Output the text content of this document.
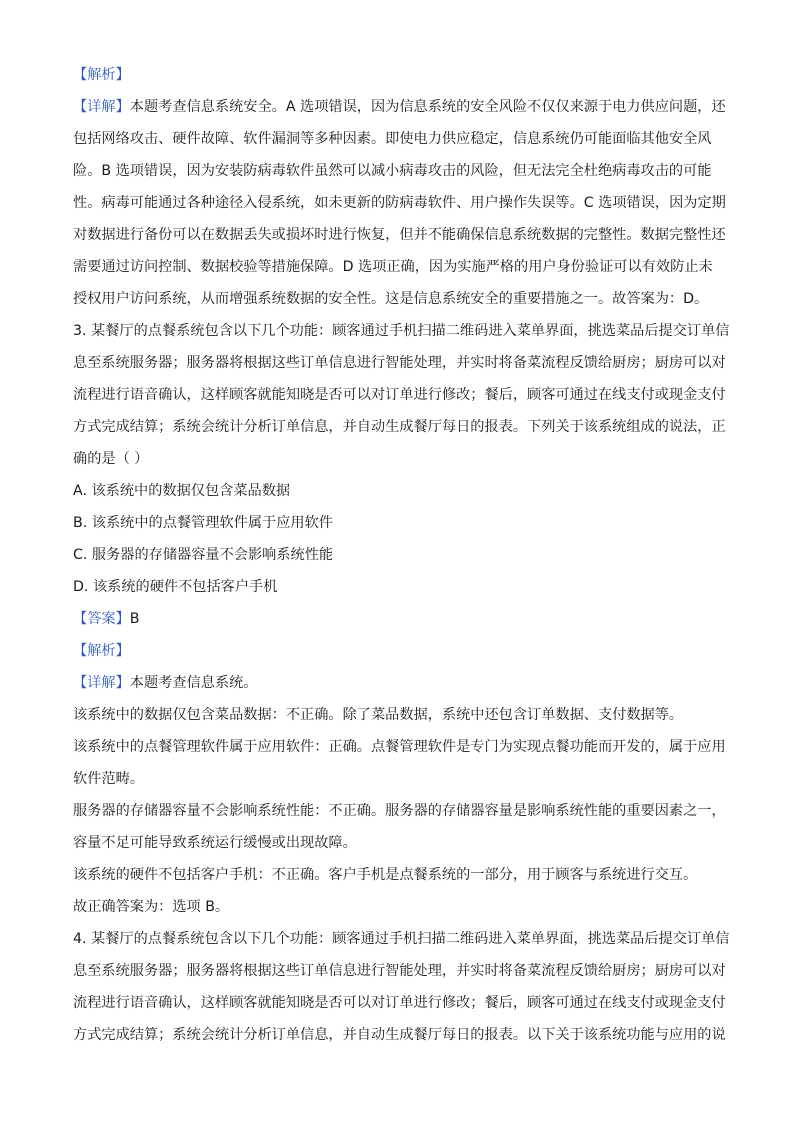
【解析】
【详解】本题考查信息系统安全。A 选项错误，因为信息系统的安全风险不仅仅来源于电力供应问题，还
包括网络攻击、硬件故障、软件漏洞等多种因素。即使电力供应稳定，信息系统仍可能面临其他安全风
险。B 选项错误，因为安装防病毒软件虽然可以减小病毒攻击的风险，但无法完全杜绝病毒攻击的可能
性。病毒可能通过各种途径入侵系统，如未更新的防病毒软件、用户操作失误等。C 选项错误，因为定期
对数据进行备份可以在数据丢失或损坏时进行恢复，但并不能确保信息系统数据的完整性。数据完整性还
需要通过访问控制、数据校验等措施保障。D 选项正确，因为实施严格的用户身份验证可以有效防止未
授权用户访问系统，从而增强系统数据的安全性。这是信息系统安全的重要措施之一。故答案为：D。
3. 某餐厅的点餐系统包含以下几个功能：顾客通过手机扫描二维码进入菜单界面，挑选菜品后提交订单信
息至系统服务器；服务器将根据这些订单信息进行智能处理，并实时将备菜流程反馈给厨房；厨房可以对
流程进行语音确认，这样顾客就能知晓是否可以对订单进行修改；餐后，顾客可通过在线支付或现金支付
方式完成结算；系统会统计分析订单信息，并自动生成餐厅每日的报表。下列关于该系统组成的说法，正
确的是（ ）
A. 该系统中的数据仅包含菜品数据
B. 该系统中的点餐管理软件属于应用软件
C. 服务器的存储器容量不会影响系统性能
D. 该系统的硬件不包括客户手机
【答案】B
【解析】
【详解】本题考查信息系统。
该系统中的数据仅包含菜品数据：不正确。除了菜品数据，系统中还包含订单数据、支付数据等。
该系统中的点餐管理软件属于应用软件：正确。点餐管理软件是专门为实现点餐功能而开发的，属于应用
软件范畴。
服务器的存储器容量不会影响系统性能：不正确。服务器的存储器容量是影响系统性能的重要因素之一，
容量不足可能导致系统运行缓慢或出现故障。
该系统的硬件不包括客户手机：不正确。客户手机是点餐系统的一部分，用于顾客与系统进行交互。
故正确答案为：选项 B。
4. 某餐厅的点餐系统包含以下几个功能：顾客通过手机扫描二维码进入菜单界面，挑选菜品后提交订单信
息至系统服务器；服务器将根据这些订单信息进行智能处理，并实时将备菜流程反馈给厨房；厨房可以对
流程进行语音确认，这样顾客就能知晓是否可以对订单进行修改；餐后，顾客可通过在线支付或现金支付
方式完成结算；系统会统计分析订单信息，并自动生成餐厅每日的报表。以下关于该系统功能与应用的说
